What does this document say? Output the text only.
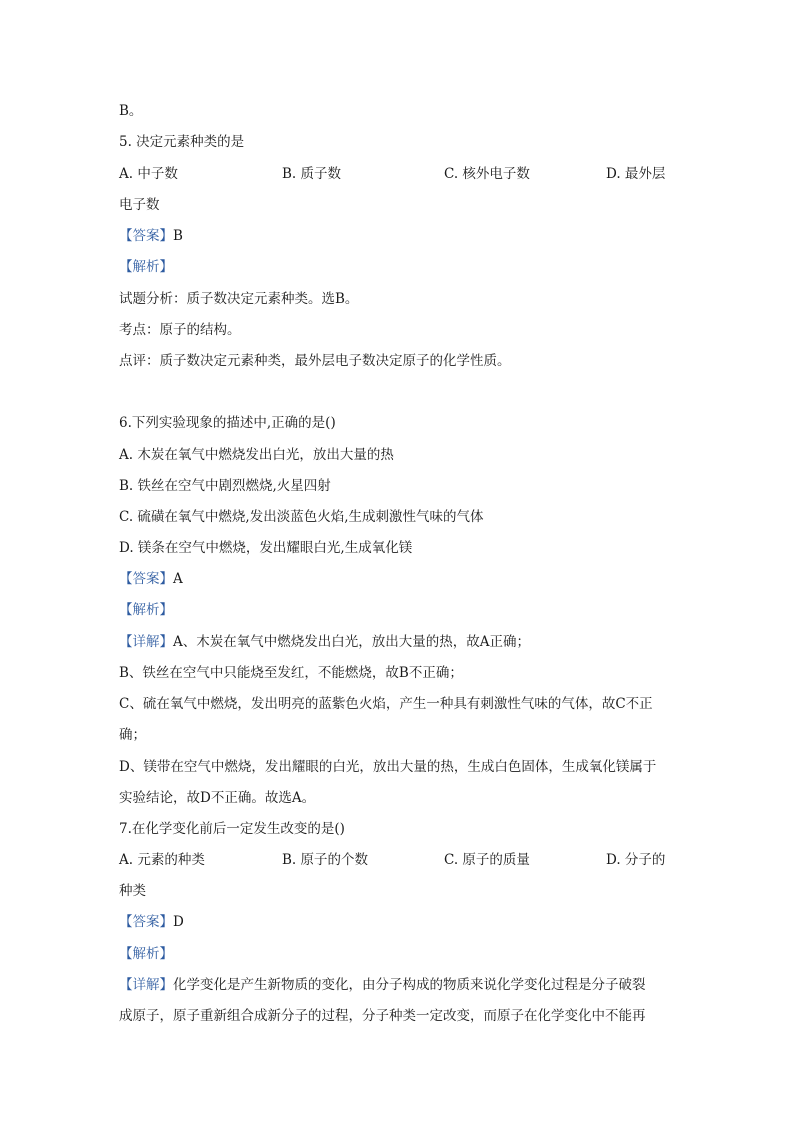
B。
5. 决定元素种类的是
A. 中子数	B. 质子数	C. 核外电子数	D. 最外层
电子数
【答案】B
【解析】
试题分析：质子数决定元素种类。选B。
考点：原子的结构。
点评：质子数决定元素种类，最外层电子数决定原子的化学性质。
6.下列实验现象的描述中,正确的是()
A. 木炭在氧气中燃烧发出白光，放出大量的热
B. 铁丝在空气中剧烈燃烧,火星四射
C. 硫磺在氧气中燃烧,发出淡蓝色火焰,生成刺激性气味的气体
D. 镁条在空气中燃烧，发出耀眼白光,生成氧化镁
【答案】A
【解析】
【详解】A、木炭在氧气中燃烧发出白光，放出大量的热，故A正确；
B、铁丝在空气中只能烧至发红，不能燃烧，故B不正确；
C、硫在氧气中燃烧，发出明亮的蓝紫色火焰，产生一种具有刺激性气味的气体，故C不正
确；
D、镁带在空气中燃烧，发出耀眼的白光，放出大量的热，生成白色固体，生成氧化镁属于
实验结论，故D不正确。故选A。
7.在化学变化前后一定发生改变的是()
A. 元素的种类	B. 原子的个数	C. 原子的质量	D. 分子的
种类
【答案】D
【解析】
【详解】化学变化是产生新物质的变化，由分子构成的物质来说化学变化过程是分子破裂
成原子，原子重新组合成新分子的过程，分子种类一定改变，而原子在化学变化中不能再
